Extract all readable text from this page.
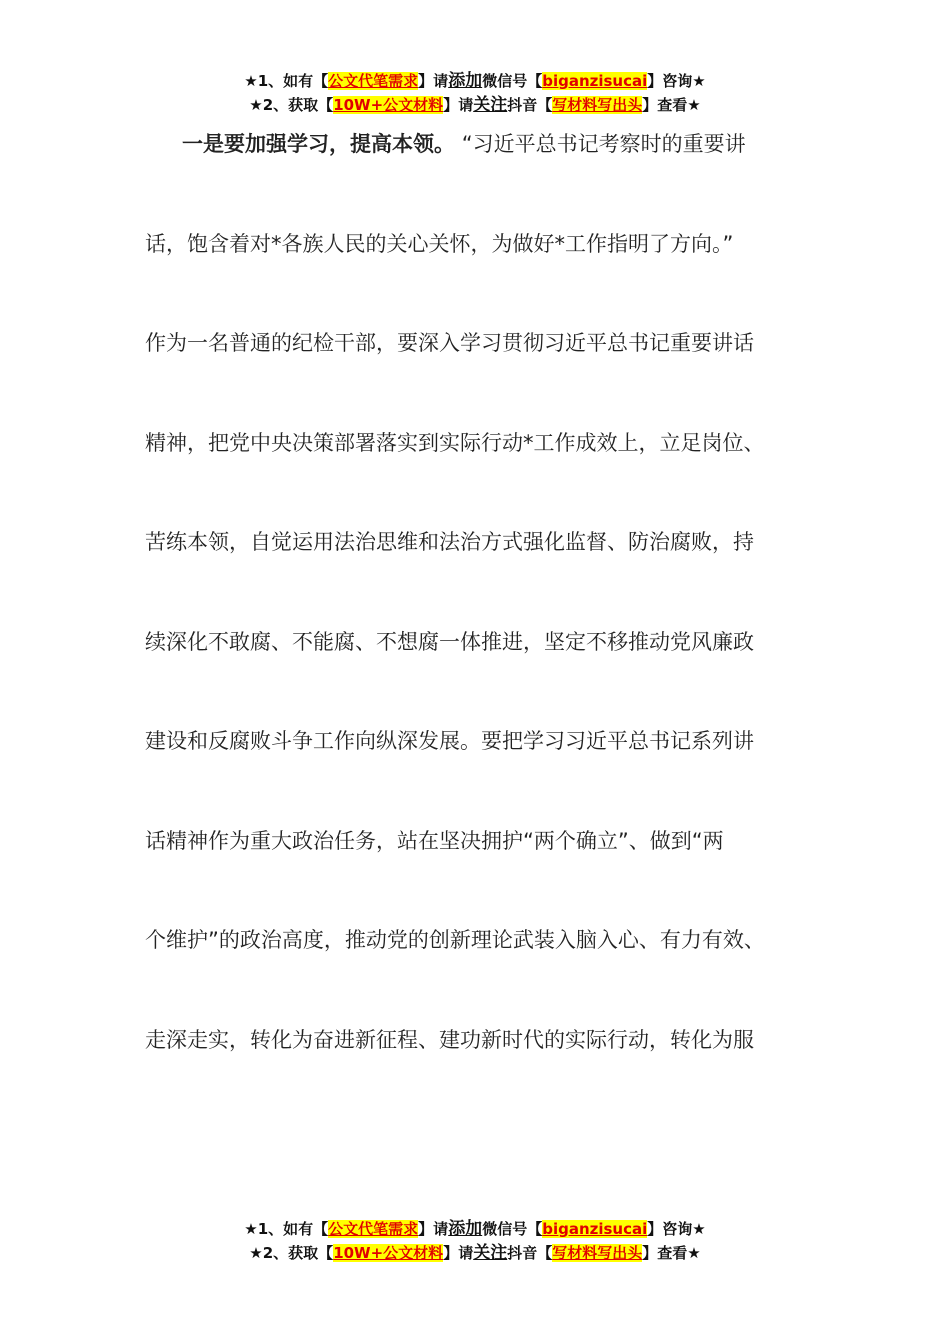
★1、如有【公文代笔需求】请添加微信号【biganzisucai】咨询★
★2、获取【10W+公文材料】请关注抖音【写材料写出头】查看★
一是要加强学习，提高本领。 “习近平总书记考察时的重要讲
话，饱含着对*各族人民的关心关怀，为做好*工作指明了方向。”
作为一名普通的纪检干部，要深入学习贯彻习近平总书记重要讲话
精神，把党中央决策部署落实到实际行动*工作成效上，立足岗位、
苦练本领，自觉运用法治思维和法治方式强化监督、防治腐败，持
续深化不敢腐、不能腐、不想腐一体推进，坚定不移推动党风廉政
建设和反腐败斗争工作向纵深发展。要把学习习近平总书记系列讲
话精神作为重大政治任务，站在坚决拥护“两个确立”、做到“两
个维护”的政治高度，推动党的创新理论武装入脑入心、有力有效、
走深走实，转化为奋进新征程、建功新时代的实际行动，转化为服
★1、如有【公文代笔需求】请添加微信号【biganzisucai】咨询★
★2、获取【10W+公文材料】请关注抖音【写材料写出头】查看★
